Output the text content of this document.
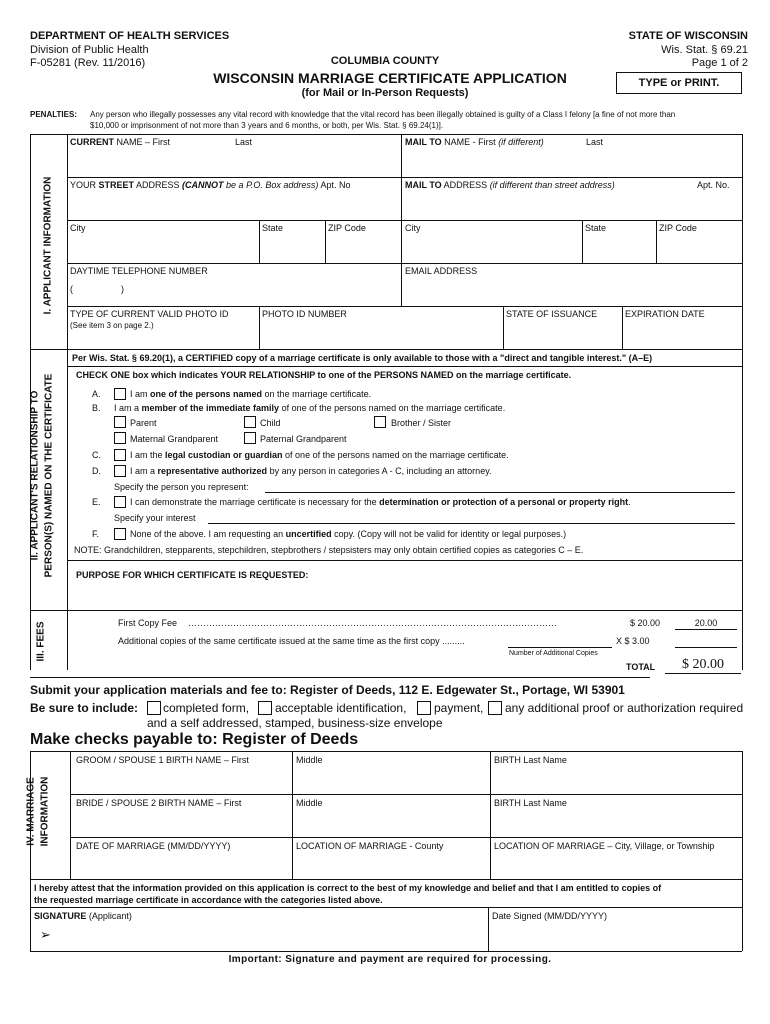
DEPARTMENT OF HEALTH SERVICES
Division of Public Health
F-05281 (Rev. 11/2016)
STATE OF WISCONSIN
Wis. Stat. § 69.21
Page 1 of 2
COLUMBIA COUNTY
WISCONSIN MARRIAGE CERTIFICATE APPLICATION
(for Mail or In-Person Requests)
TYPE or PRINT.
PENALTIES: Any person who illegally possesses any vital record with knowledge that the vital record has been illegally obtained is guilty of a Class I felony [a fine of not more than
$10,000 or imprisonment of not more than 3 years and 6 months, or both, per Wis. Stat. § 69.24(1)].
I. APPLICANT INFORMATION
CURRENT NAME – First	Last	MAIL TO NAME - First (if different)	Last
YOUR STREET ADDRESS (CANNOT be a P.O. Box address) Apt. No	MAIL TO ADDRESS (if different than street address)	Apt. No.
City	State	ZIP Code	City	State	ZIP Code
DAYTIME TELEPHONE NUMBER
(	)
EMAIL ADDRESS
TYPE OF CURRENT VALID PHOTO ID
(See item 3 on page 2.)
PHOTO ID NUMBER	STATE OF ISSUANCE	EXPIRATION DATE
II. APPLICANT'S RELATIONSHIP TO PERSON(S) NAMED ON THE CERTIFICATE
Per Wis. Stat. § 69.20(1), a CERTIFIED copy of a marriage certificate is only available to those with a "direct and tangible interest." (A–E)
CHECK ONE box which indicates YOUR RELATIONSHIP to one of the PERSONS NAMED on the marriage certificate.
A.	I am one of the persons named on the marriage certificate.
B. I am a member of the immediate family of one of the persons named on the marriage certificate.
Parent	Child	Brother / Sister
Maternal Grandparent	Paternal Grandparent
C.	I am the legal custodian or guardian of one of the persons named on the marriage certificate.
D.	I am a representative authorized by any person in categories A - C, including an attorney.
Specify the person you represent:
E.	I can demonstrate the marriage certificate is necessary for the determination or protection of a personal or property right.
Specify your interest
F.	None of the above. I am requesting an uncertified copy. (Copy will not be valid for identity or legal purposes.)
NOTE: Grandchildren, stepparents, stepchildren, stepbrothers / stepsisters may only obtain certified copies as categories C – E.
PURPOSE FOR WHICH CERTIFICATE IS REQUESTED:
III. FEES	First Copy Fee ……………………………………………………………………………………………………………	$ 20.00	20.00
Additional copies of the same certificate issued at the same time as the first copy .........	X $ 3.00
Number of Additional Copies
TOTAL	$ 20.00
Submit your application materials and fee to: Register of Deeds, 112 E. Edgewater St., Portage, WI 53901
Be sure to include: completed form, acceptable identification, payment, any additional proof or authorization required
and a self addressed, stamped, business-size envelope
Make checks payable to: Register of Deeds
IV. MARRIAGE INFORMATION
GROOM / SPOUSE 1 BIRTH NAME – First	Middle	BIRTH Last Name
BRIDE / SPOUSE 2 BIRTH NAME – First	Middle	BIRTH Last Name
DATE OF MARRIAGE (MM/DD/YYYY)	LOCATION OF MARRIAGE - County	LOCATION OF MARRIAGE – City, Village, or Township
I hereby attest that the information provided on this application is correct to the best of my knowledge and belief and that I am entitled to copies of
the requested marriage certificate in accordance with the categories listed above.
SIGNATURE (Applicant)
➢
Date Signed (MM/DD/YYYY)
Important: Signature and payment are required for processing.
